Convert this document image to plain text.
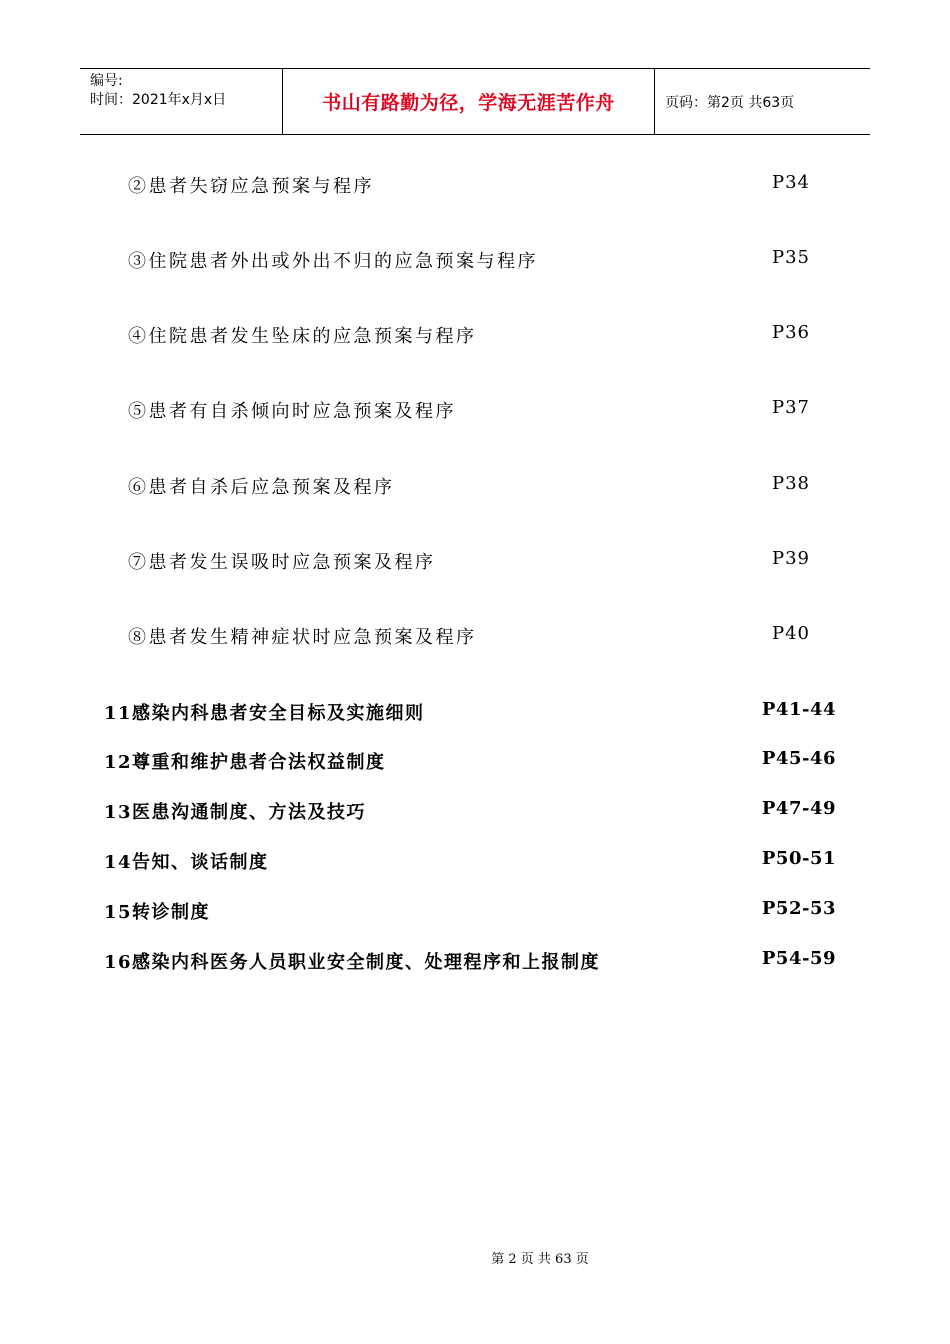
编号:
时间：2021年x月x日	书山有路勤为径，学海无涯苦作舟	页码：第2页 共63页
②患者失窃应急预案与程序	P34
③住院患者外出或外出不归的应急预案与程序	P35
④住院患者发生坠床的应急预案与程序	P36
⑤患者有自杀倾向时应急预案及程序	P37
⑥患者自杀后应急预案及程序	P38
⑦患者发生误吸时应急预案及程序	P39
⑧患者发生精神症状时应急预案及程序	P40
11感染内科患者安全目标及实施细则	P41-44
12尊重和维护患者合法权益制度	P45-46
13医患沟通制度、方法及技巧	P47-49
14告知、谈话制度	P50-51
15转诊制度	P52-53
16感染内科医务人员职业安全制度、处理程序和上报制度	P54-59
第 2 页 共 63 页
